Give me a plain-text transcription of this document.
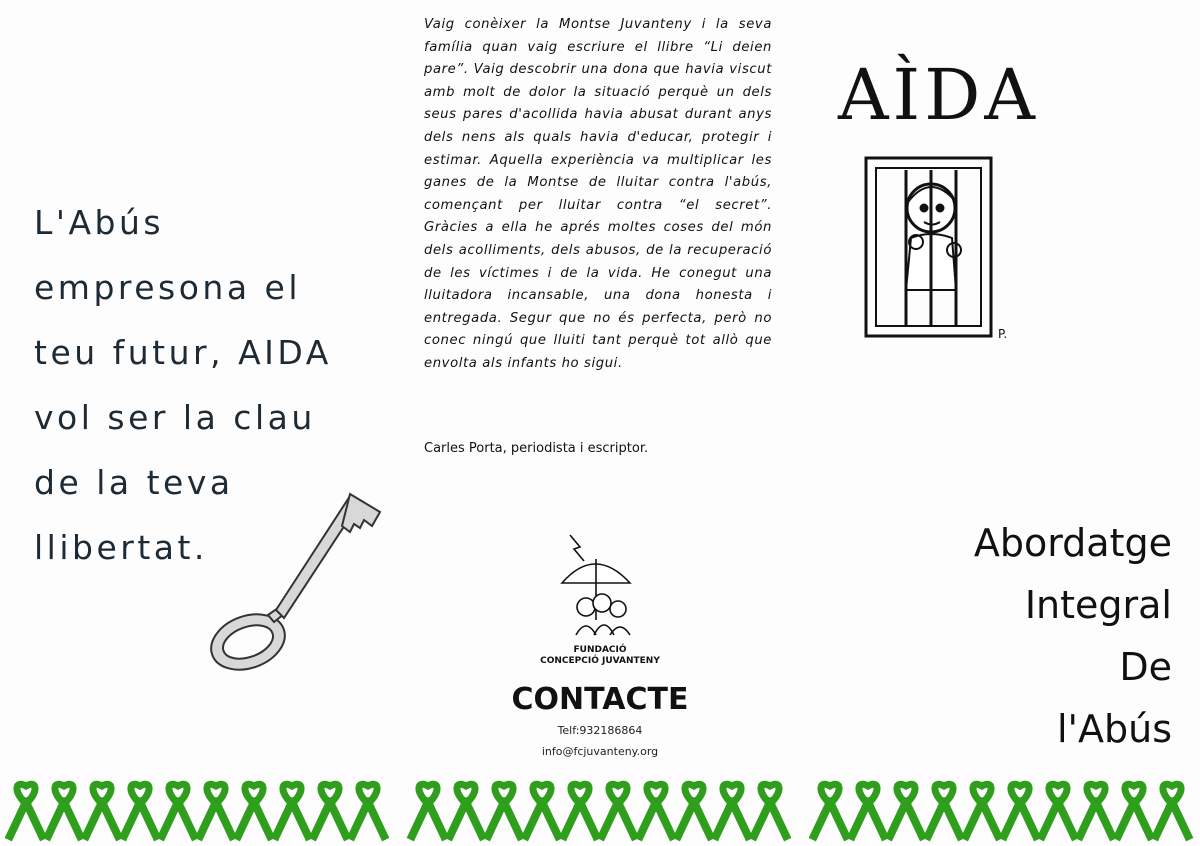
L'Abús
empresona el
teu futur, AIDA
vol ser la clau
de la teva
llibertat.

Vaig conèixer la Montse Juvanteny i la seva família quan vaig escriure el llibre “Li deien pare”. Vaig descobrir una dona que havia viscut amb molt de dolor la situació perquè un dels seus pares d'acollida havia abusat durant anys dels nens als quals havia d'educar, protegir i estimar. Aquella experiència va multiplicar les ganes de la Montse de lluitar contra l'abús, començant per lluitar contra “el secret”. Gràcies a ella he aprés moltes coses del món dels acolliments, dels abusos, de la recuperació de les víctimes i de la vida. He conegut una lluitadora incansable, una dona honesta i entregada. Segur que no és perfecta, però no conec ningú que lluiti tant perquè tot allò que envolta als infants ho sigui.

Carles Porta, periodista i escriptor.
FUNDACIÓ
CONCEPCIÓ JUVANTENY
CONTACTE
Telf:932186864
info@fcjuvanteny.org
AÌDA
P.
Abordatge
Integral
De
l'Abús
